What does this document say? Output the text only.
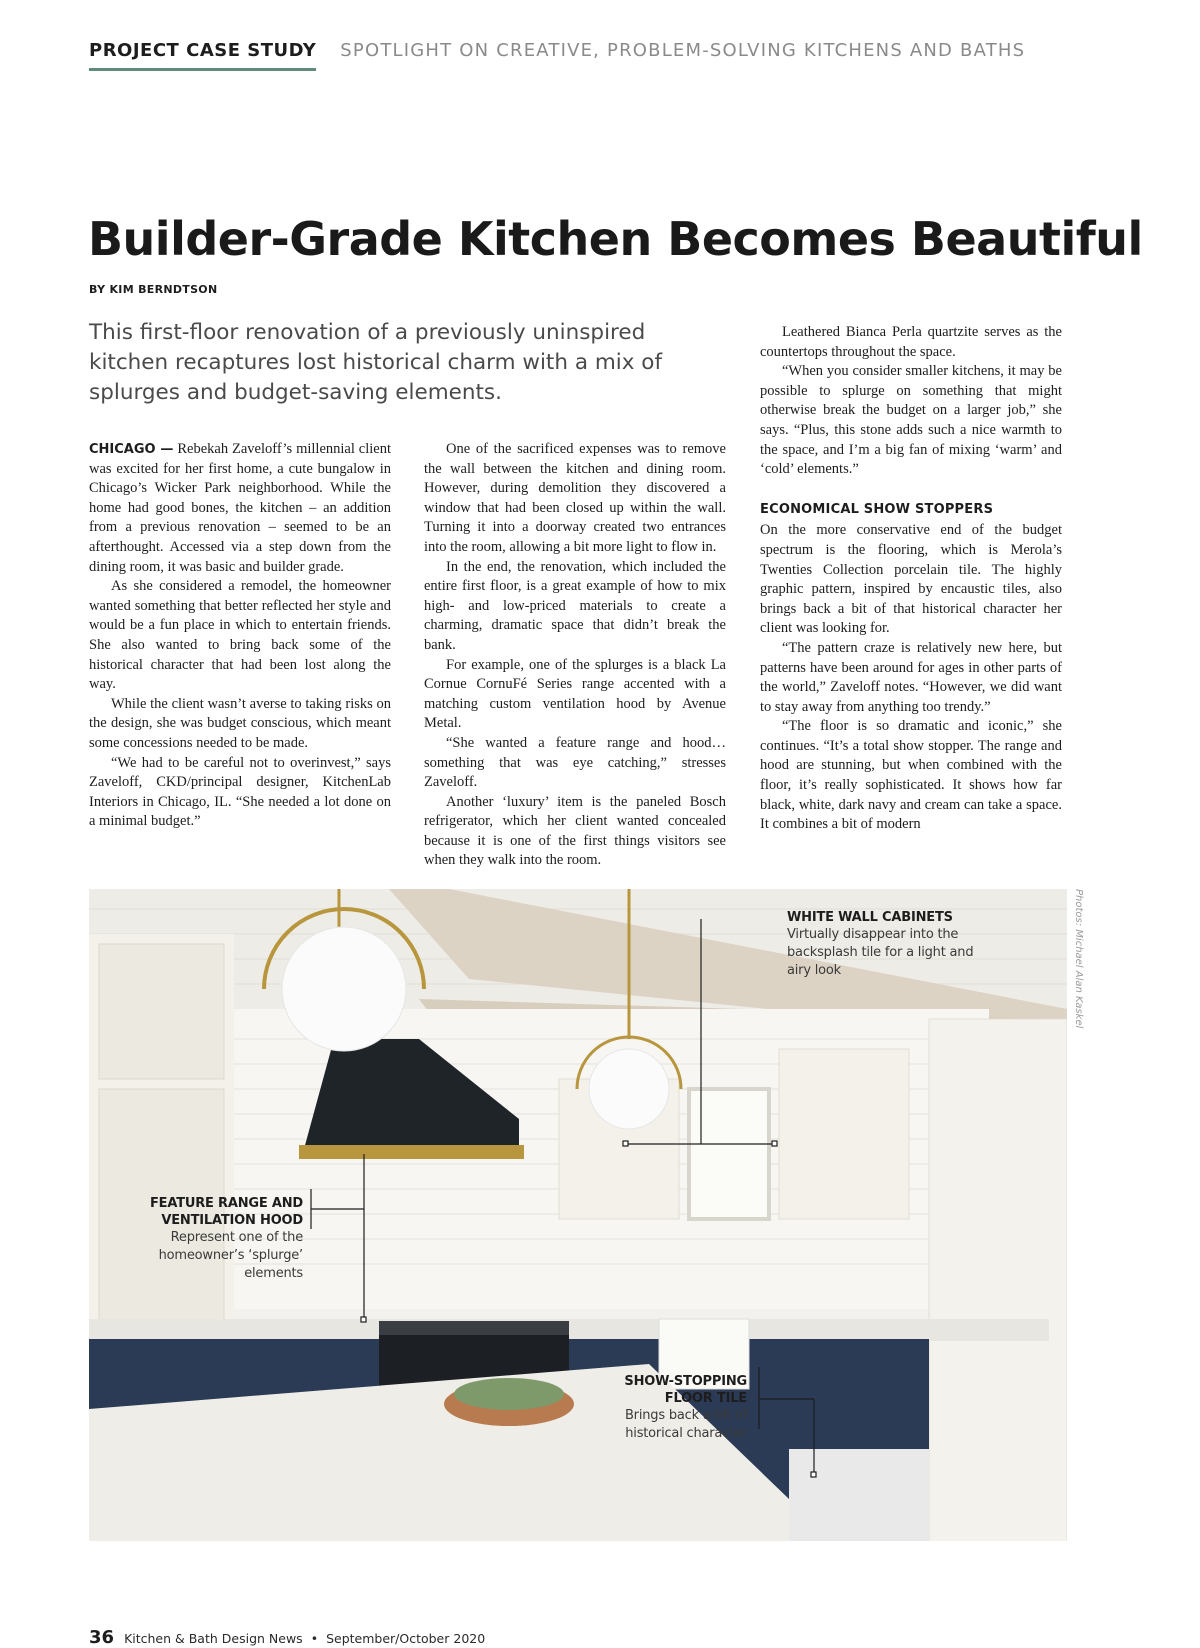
PROJECT CASE STUDY SPOTLIGHT ON CREATIVE, PROBLEM-SOLVING KITCHENS AND BATHS
Builder-Grade Kitchen Becomes Beautiful
BY KIM BERNDTSON

This first-floor renovation of a previously uninspired kitchen recaptures lost historical charm with a mix of splurges and budget-saving elements.

CHICAGO — Rebekah Zaveloff’s millennial client was excited for her first home, a cute bungalow in Chicago’s Wicker Park neighborhood. While the home had good bones, the kitchen – an addition from a previous renovation – seemed to be an afterthought. Accessed via a step down from the dining room, it was basic and builder grade.

As she considered a remodel, the homeowner wanted something that better reflected her style and would be a fun place in which to entertain friends. She also wanted to bring back some of the historical character that had been lost along the way.

While the client wasn’t averse to taking risks on the design, she was budget conscious, which meant some concessions needed to be made.

“We had to be careful not to overinvest,” says Zaveloff, CKD/principal designer, KitchenLab Interiors in Chicago, IL. “She needed a lot done on a minimal budget.”

One of the sacrificed expenses was to remove the wall between the kitchen and dining room. However, during demolition they discovered a window that had been closed up within the wall. Turning it into a doorway created two entrances into the room, allowing a bit more light to flow in.

In the end, the renovation, which included the entire first floor, is a great example of how to mix high- and low-priced materials to create a charming, dramatic space that didn’t break the bank.

For example, one of the splurges is a black La Cornue CornuFé Series range accented with a matching custom ventilation hood by Avenue Metal.

“She wanted a feature range and hood…something that was eye catching,” stresses Zaveloff.

Another ‘luxury’ item is the paneled Bosch refrigerator, which her client wanted concealed because it is one of the first things visitors see when they walk into the room.

Leathered Bianca Perla quartzite serves as the countertops throughout the space.

“When you consider smaller kitchens, it may be possible to splurge on something that might otherwise break the budget on a larger job,” she says. “Plus, this stone adds such a nice warmth to the space, and I’m a big fan of mixing ‘warm’ and ‘cold’ elements.”

ECONOMICAL SHOW STOPPERS

On the more conservative end of the budget spectrum is the flooring, which is Merola’s Twenties Collection porcelain tile. The highly graphic pattern, inspired by encaustic tiles, also brings back a bit of that historical character her client was looking for.

“The pattern craze is relatively new here, but patterns have been around for ages in other parts of the world,” Zaveloff notes. “However, we did want to stay away from anything too trendy.”

“The floor is so dramatic and iconic,” she continues. “It’s a total show stopper. The range and hood are stunning, but when combined with the floor, it’s really sophisticated. It shows how far black, white, dark navy and cream can take a space. It combines a bit of modern

WHITE WALL CABINETS
Virtually disappear into the backsplash tile for a light and airy look
FEATURE RANGE AND VENTILATION HOOD
Represent one of the homeowner’s ‘splurge’ elements
SHOW-STOPPING FLOOR TILE
Brings back a bit of historical character
Photos: Michael Alan Kaskel
36 Kitchen & Bath Design News • September/October 2020
